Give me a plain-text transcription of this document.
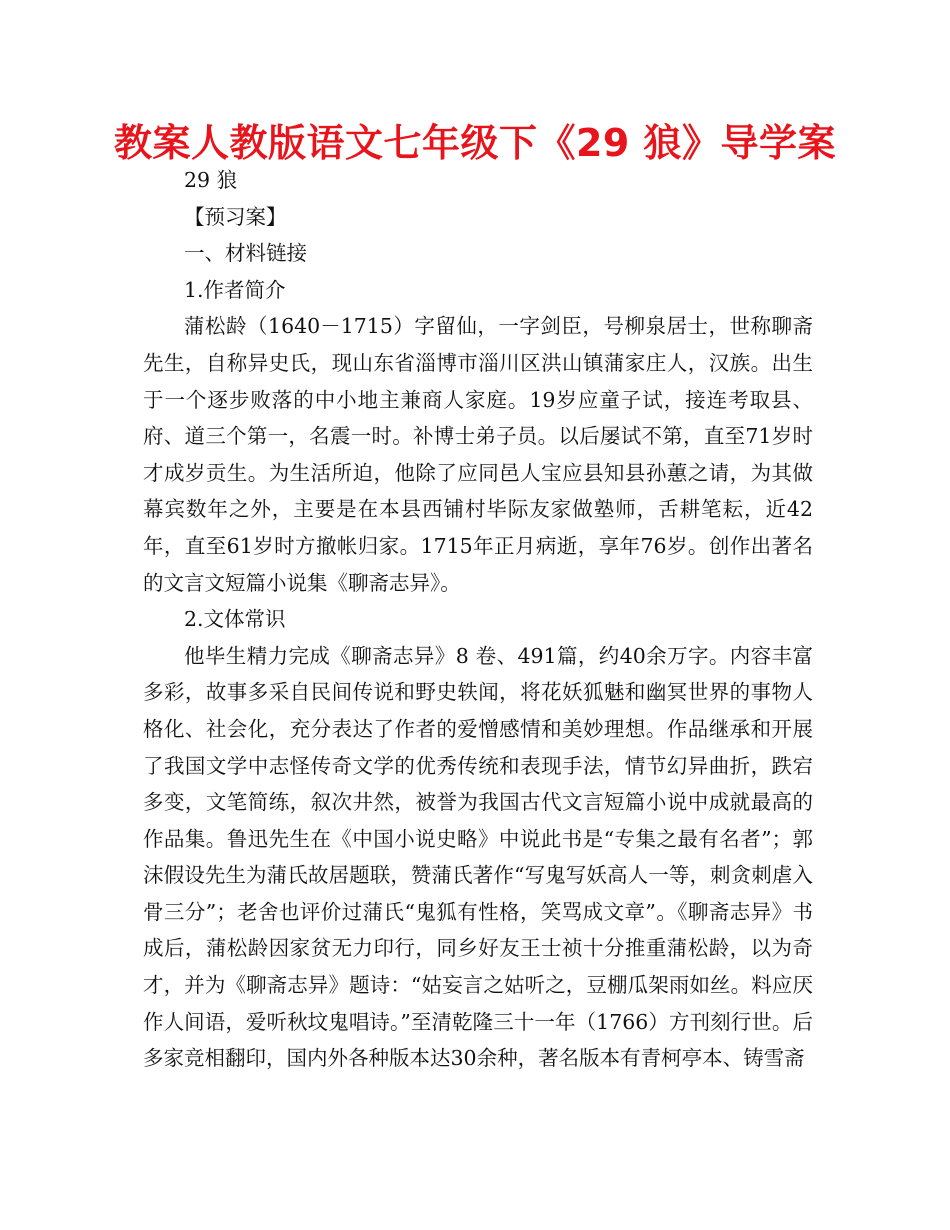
教案人教版语文七年级下《29 狼》导学案

29 狼

【预习案】

一、材料链接

1.作者简介

蒲松龄（1640－1715）字留仙，一字剑臣，号柳泉居士，世称聊斋先生，自称异史氏，现山东省淄博市淄川区洪山镇蒲家庄人，汉族。出生于一个逐步败落的中小地主兼商人家庭。19岁应童子试，接连考取县、府、道三个第一，名震一时。补博士弟子员。以后屡试不第，直至71岁时才成岁贡生。为生活所迫，他除了应同邑人宝应县知县孙蕙之请，为其做幕宾数年之外，主要是在本县西铺村毕际友家做塾师，舌耕笔耘，近42年，直至61岁时方撤帐归家。1715年正月病逝，享年76岁。创作出著名的文言文短篇小说集《聊斋志异》。

2.文体常识

他毕生精力完成《聊斋志异》8 卷、491篇，约40余万字。内容丰富多彩，故事多采自民间传说和野史轶闻，将花妖狐魅和幽冥世界的事物人格化、社会化，充分表达了作者的爱憎感情和美妙理想。作品继承和开展了我国文学中志怪传奇文学的优秀传统和表现手法，情节幻异曲折，跌宕多变，文笔简练，叙次井然，被誉为我国古代文言短篇小说中成就最高的作品集。鲁迅先生在《中国小说史略》中说此书是“专集之最有名者”；郭沫假设先生为蒲氏故居题联，赞蒲氏著作“写鬼写妖高人一等，刺贪刺虐入骨三分”；老舍也评价过蒲氏“鬼狐有性格，笑骂成文章”。《聊斋志异》书成后，蒲松龄因家贫无力印行，同乡好友王士祯十分推重蒲松龄，以为奇才，并为《聊斋志异》题诗：“姑妄言之姑听之，豆棚瓜架雨如丝。料应厌作人间语，爱听秋坟鬼唱诗。”至清乾隆三十一年（1766）方刊刻行世。后多家竞相翻印，国内外各种版本达30余种，著名版本有青柯亭本、铸雪斋
